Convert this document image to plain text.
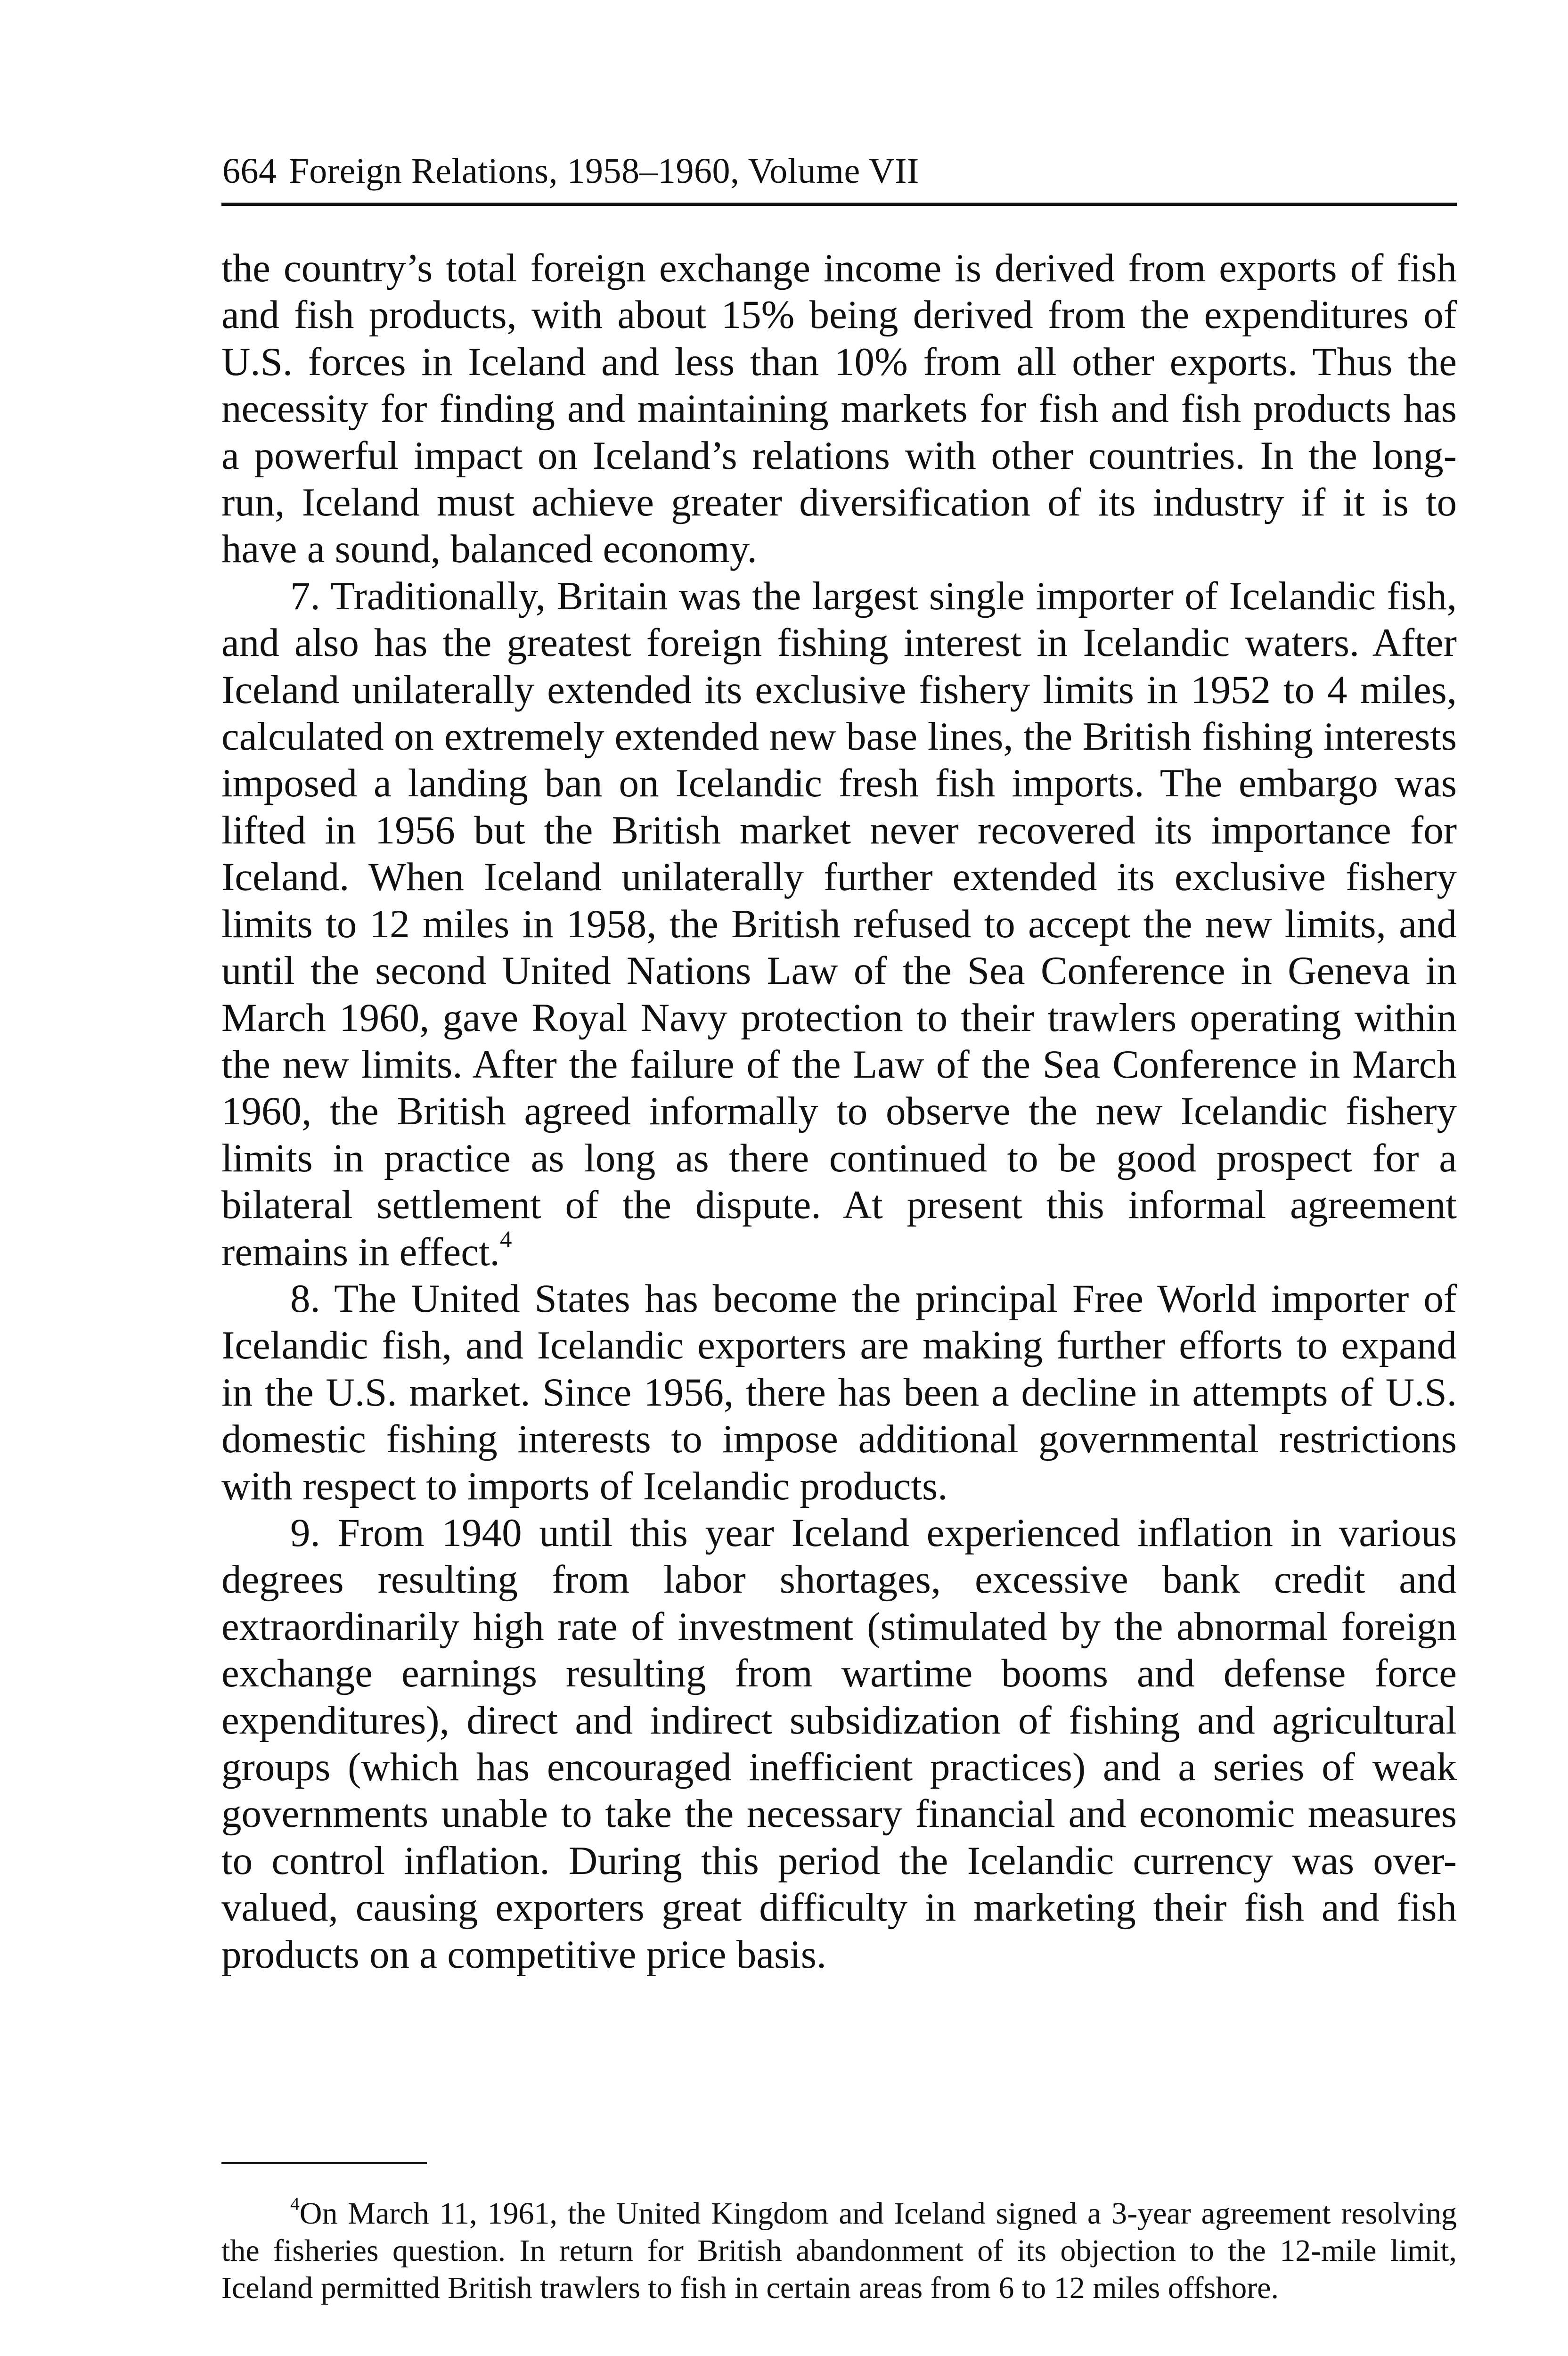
664 Foreign Relations, 1958–1960, Volume VII

the country’s total foreign exchange income is derived from exports of fish and fish products, with about 15% being derived from the expenditures of U.S. forces in Iceland and less than 10% from all other exports. Thus the necessity for finding and maintaining markets for fish and fish products has a powerful impact on Iceland’s relations with other countries. In the long-run, Iceland must achieve greater diversification of its industry if it is to have a sound, balanced economy.

7. Traditionally, Britain was the largest single importer of Icelandic fish, and also has the greatest foreign fishing interest in Icelandic waters. After Iceland unilaterally extended its exclusive fishery limits in 1952 to 4 miles, calculated on extremely extended new base lines, the British fishing interests imposed a landing ban on Icelandic fresh fish imports. The embargo was lifted in 1956 but the British market never recovered its importance for Iceland. When Iceland unilaterally further extended its exclusive fishery limits to 12 miles in 1958, the British refused to accept the new limits, and until the second United Nations Law of the Sea Conference in Geneva in March 1960, gave Royal Navy protection to their trawlers operating within the new limits. After the failure of the Law of the Sea Conference in March 1960, the British agreed informally to observe the new Icelandic fishery limits in practice as long as there continued to be good prospect for a bilateral settlement of the dispute. At present this informal agreement remains in effect.$^4$

8. The United States has become the principal Free World importer of Icelandic fish, and Icelandic exporters are making further efforts to expand in the U.S. market. Since 1956, there has been a decline in attempts of U.S. domestic fishing interests to impose additional governmental restrictions with respect to imports of Icelandic products.

9. From 1940 until this year Iceland experienced inflation in various degrees resulting from labor shortages, excessive bank credit and extraordinarily high rate of investment (stimulated by the abnormal foreign exchange earnings resulting from wartime booms and defense force expenditures), direct and indirect subsidization of fishing and agricultural groups (which has encouraged inefficient practices) and a series of weak governments unable to take the necessary financial and economic measures to control inflation. During this period the Icelandic currency was over-valued, causing exporters great difficulty in marketing their fish and fish products on a competitive price basis.

$^4$On March 11, 1961, the United Kingdom and Iceland signed a 3-year agreement resolving the fisheries question. In return for British abandonment of its objection to the 12-mile limit, Iceland permitted British trawlers to fish in certain areas from 6 to 12 miles offshore.
